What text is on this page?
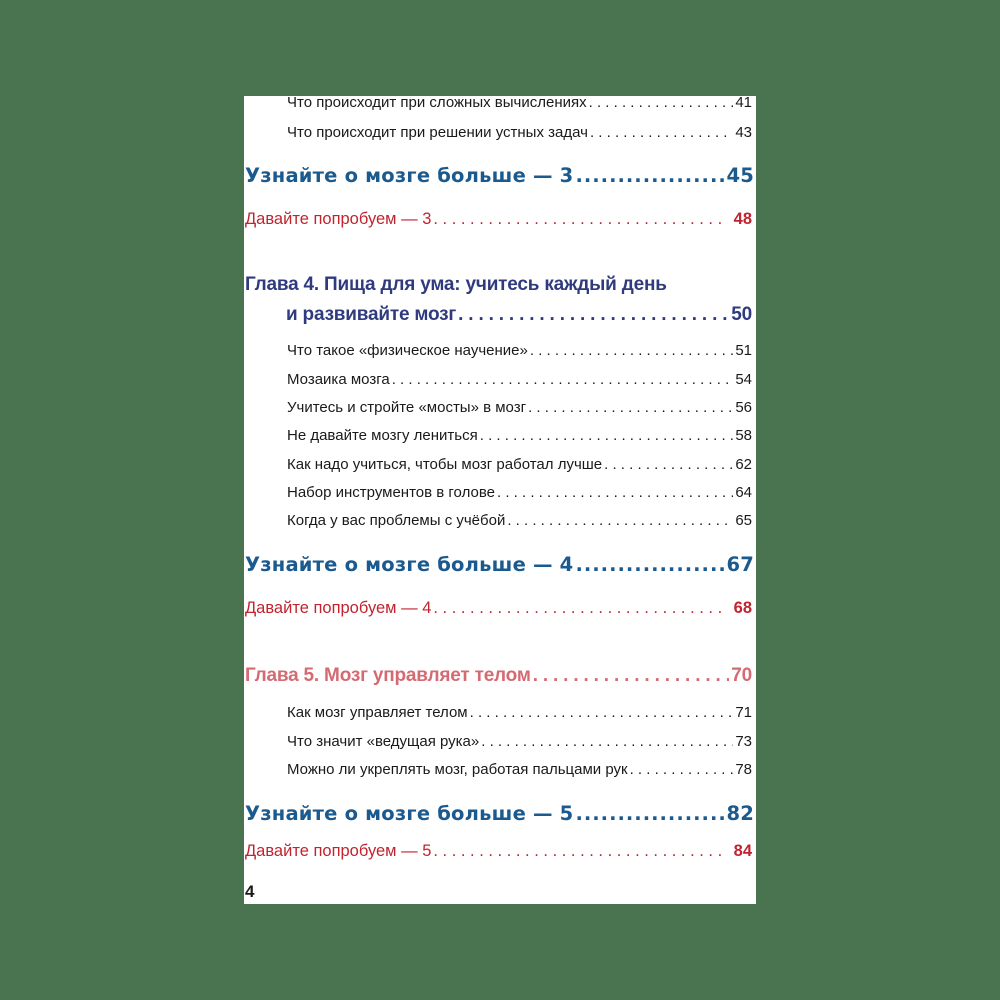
Что происходит при сложных вычислениях . . .	41
Что происходит при решении устных задач . . .	43
Узнайте о мозге больше — 3 .....	45
Давайте попробуем — 3 . . .	48
Глава 4. Пища для ума: учитесь каждый день
и развивайте мозг . . .	50
Что такое «физическое научение» . . .	51
Мозаика мозга . . .	54
Учитесь и стройте «мосты» в мозг . . .	56
Не давайте мозгу лениться . . .	58
Как надо учиться, чтобы мозг работал лучше . . .	62
Набор инструментов в голове . . .	64
Когда у вас проблемы с учёбой . . .	65
Узнайте о мозге больше — 4 .....	67
Давайте попробуем — 4 . . .	68
Глава 5. Мозг управляет телом . . .	70
Как мозг управляет телом . . .	71
Что значит «ведущая рука» . . .	73
Можно ли укреплять мозг, работая пальцами рук . . .	78
Узнайте о мозге больше — 5 .....	82
Давайте попробуем — 5 . . .	84
4
